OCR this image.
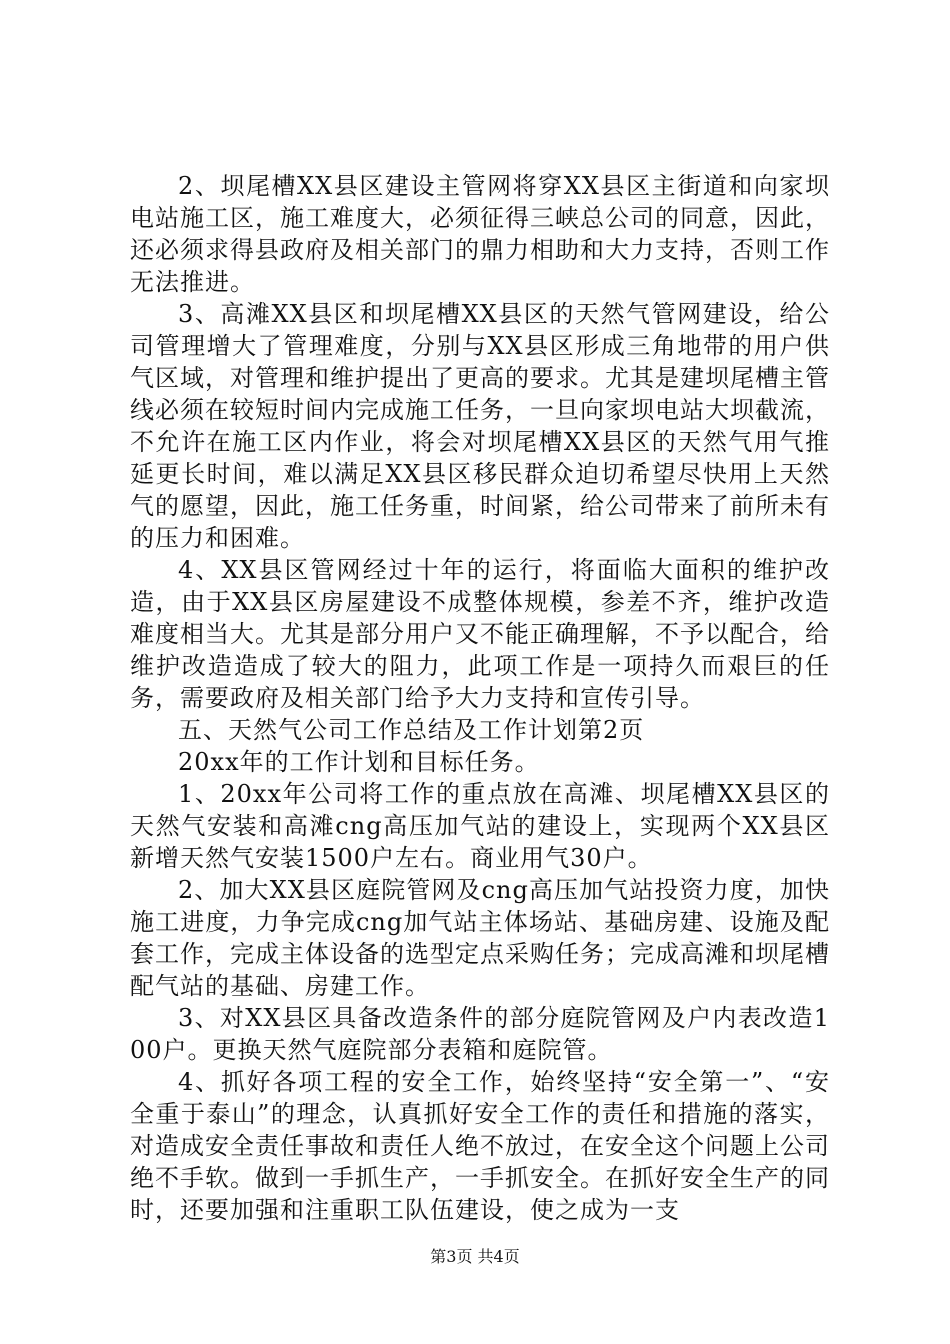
2、坝尾槽XX县区建设主管网将穿XX县区主街道和向家坝电站施工区，施工难度大，必须征得三峡总公司的同意，因此，还必须求得县政府及相关部门的鼎力相助和大力支持，否则工作无法推进。

3、高滩XX县区和坝尾槽XX县区的天然气管网建设，给公司管理增大了管理难度，分别与XX县区形成三角地带的用户供气区域，对管理和维护提出了更高的要求。尤其是建坝尾槽主管线必须在较短时间内完成施工任务，一旦向家坝电站大坝截流，不允许在施工区内作业，将会对坝尾槽XX县区的天然气用气推延更长时间，难以满足XX县区移民群众迫切希望尽快用上天然气的愿望，因此，施工任务重，时间紧，给公司带来了前所未有的压力和困难。

4、XX县区管网经过十年的运行，将面临大面积的维护改造，由于XX县区房屋建设不成整体规模，参差不齐，维护改造难度相当大。尤其是部分用户又不能正确理解，不予以配合，给维护改造造成了较大的阻力，此项工作是一项持久而艰巨的任务，需要政府及相关部门给予大力支持和宣传引导。

五、天然气公司工作总结及工作计划第2页

20xx年的工作计划和目标任务。

1、20xx年公司将工作的重点放在高滩、坝尾槽XX县区的天然气安装和高滩cng高压加气站的建设上，实现两个XX县区新增天然气安装1500户左右。商业用气30户。

2、加大XX县区庭院管网及cng高压加气站投资力度，加快施工进度，力争完成cng加气站主体场站、基础房建、设施及配套工作，完成主体设备的选型定点采购任务；完成高滩和坝尾槽配气站的基础、房建工作。

3、对XX县区具备改造条件的部分庭院管网及户内表改造100户。更换天然气庭院部分表箱和庭院管。

4、抓好各项工程的安全工作，始终坚持“安全第一”、“安全重于泰山”的理念，认真抓好安全工作的责任和措施的落实，对造成安全责任事故和责任人绝不放过，在安全这个问题上公司绝不手软。做到一手抓生产，一手抓安全。在抓好安全生产的同时，还要加强和注重职工队伍建设，使之成为一支

第3页 共4页
